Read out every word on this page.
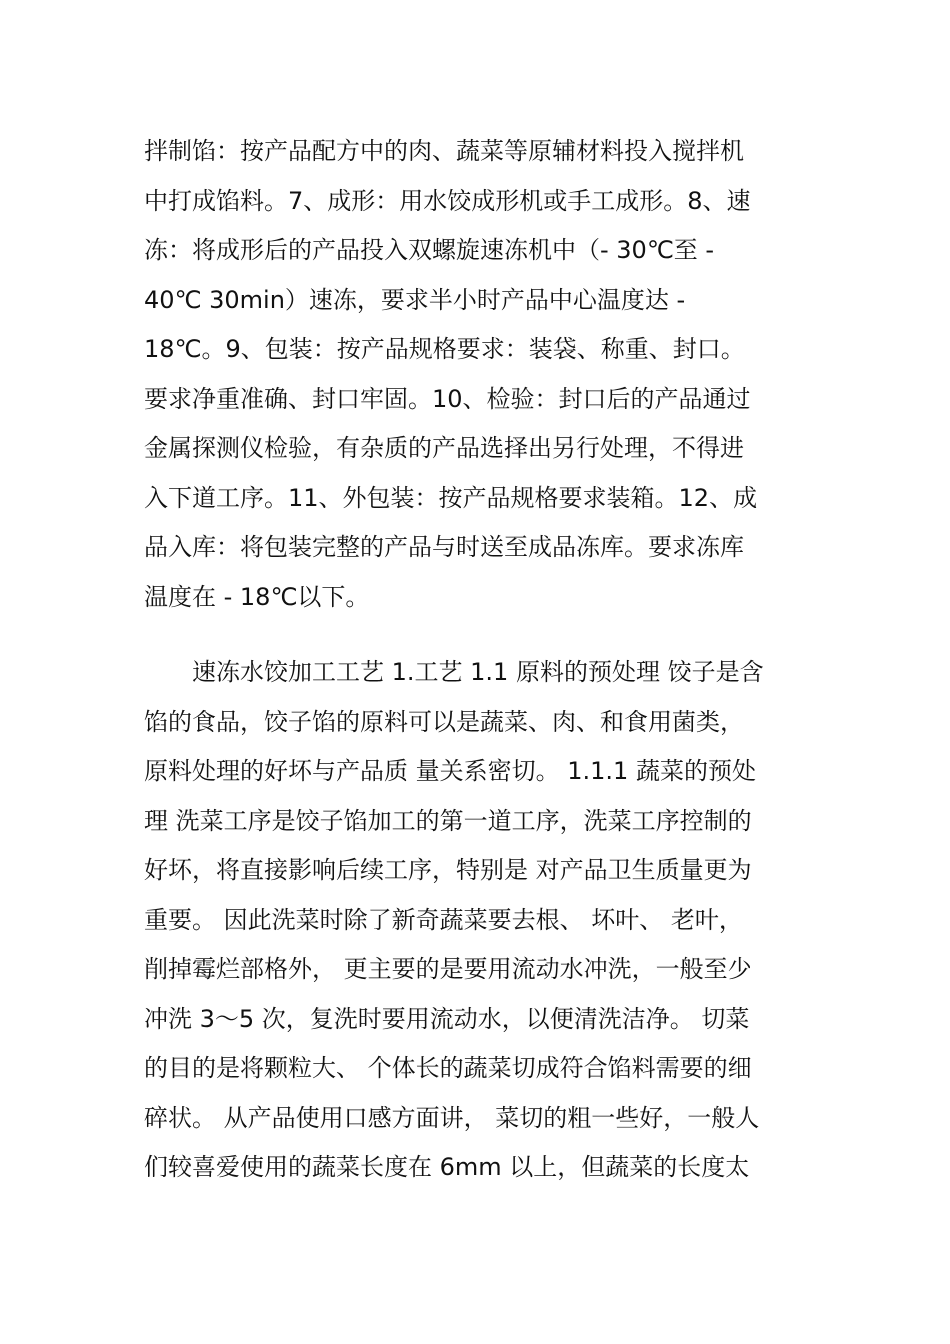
拌制馅：按产品配方中的肉、蔬菜等原辅材料投入搅拌机
中打成馅料。7、成形：用水饺成形机或手工成形。8、速
冻：将成形后的产品投入双螺旋速冻机中（- 30℃至 -
40℃ 30min）速冻，要求半小时产品中心温度达 -
18℃。9、包装：按产品规格要求：装袋、称重、封口。
要求净重准确、封口牢固。10、检验：封口后的产品通过
金属探测仪检验，有杂质的产品选择出另行处理，不得进
入下道工序。11、外包装：按产品规格要求装箱。12、成
品入库：将包装完整的产品与时送至成品冻库。要求冻库
温度在 - 18℃以下。
　　速冻水饺加工工艺 1.工艺 1.1 原料的预处理 饺子是含
馅的食品，饺子馅的原料可以是蔬菜、肉、和食用菌类，
原料处理的好坏与产品质 量关系密切。 1.1.1 蔬菜的预处
理 洗菜工序是饺子馅加工的第一道工序，洗菜工序控制的
好坏，将直接影响后续工序，特别是 对产品卫生质量更为
重要。 因此洗菜时除了新奇蔬菜要去根、 坏叶、 老叶，
削掉霉烂部格外， 更主要的是要用流动水冲洗，一般至少
冲洗 3～5 次，复洗时要用流动水，以便清洗洁净。 切菜
的目的是将颗粒大、 个体长的蔬菜切成符合馅料需要的细
碎状。 从产品使用口感方面讲， 菜切的粗一些好，一般人
们较喜爱使用的蔬菜长度在 6mm 以上，但蔬菜的长度太
